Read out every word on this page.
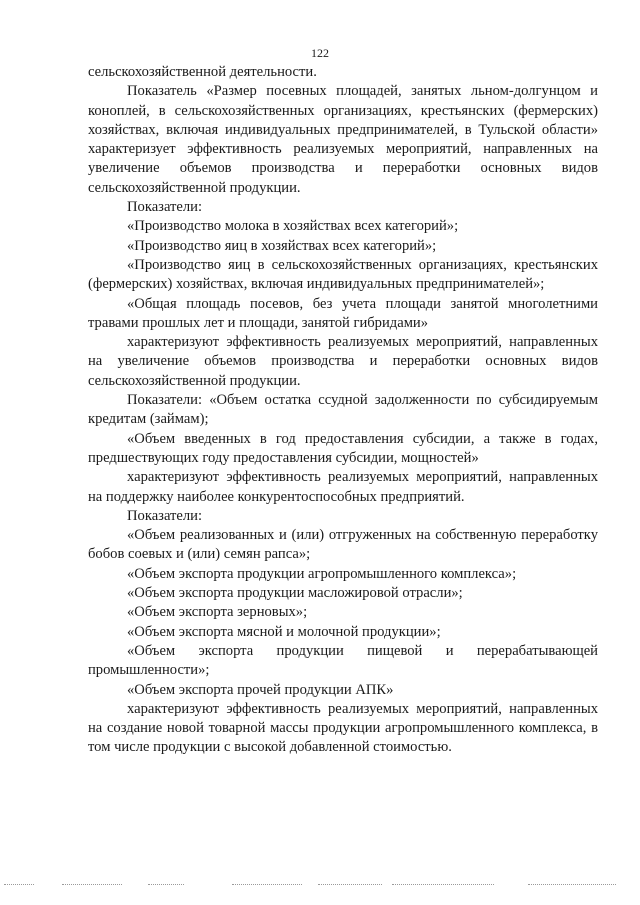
122

сельскохозяйственной деятельности.

Показатель «Размер посевных площадей, занятых льном-долгунцом и коноплей, в сельскохозяйственных организациях, крестьянских (фермерских) хозяйствах, включая индивидуальных предпринимателей, в Тульской области» характеризует эффективность реализуемых мероприятий, направленных на увеличение объемов производства и переработки основных видов сельскохозяйственной продукции.

Показатели:

«Производство молока в хозяйствах всех категорий»;

«Производство яиц в хозяйствах всех категорий»;

«Производство яиц в сельскохозяйственных организациях, крестьянских (фермерских) хозяйствах, включая индивидуальных предпринимателей»;

«Общая площадь посевов, без учета площади занятой многолетними травами прошлых лет и площади, занятой гибридами»

характеризуют эффективность реализуемых мероприятий, направленных на увеличение объемов производства и переработки основных видов сельскохозяйственной продукции.

Показатели: «Объем остатка ссудной задолженности по субсидируемым кредитам (займам);

«Объем введенных в год предоставления субсидии, а также в годах, предшествующих году предоставления субсидии, мощностей»

характеризуют эффективность реализуемых мероприятий, направленных на поддержку наиболее конкурентоспособных предприятий.

Показатели:

«Объем реализованных и (или) отгруженных на собственную переработку бобов соевых и (или) семян рапса»;

«Объем экспорта продукции агропромышленного комплекса»;

«Объем экспорта продукции масложировой отрасли»;

«Объем экспорта зерновых»;

«Объем экспорта мясной и молочной продукции»;

«Объем экспорта продукции пищевой и перерабатывающей промышленности»;

«Объем экспорта прочей продукции АПК»

характеризуют эффективность реализуемых мероприятий, направленных на создание новой товарной массы продукции агропромышленного комплекса, в том числе продукции с высокой добавленной стоимостью.
